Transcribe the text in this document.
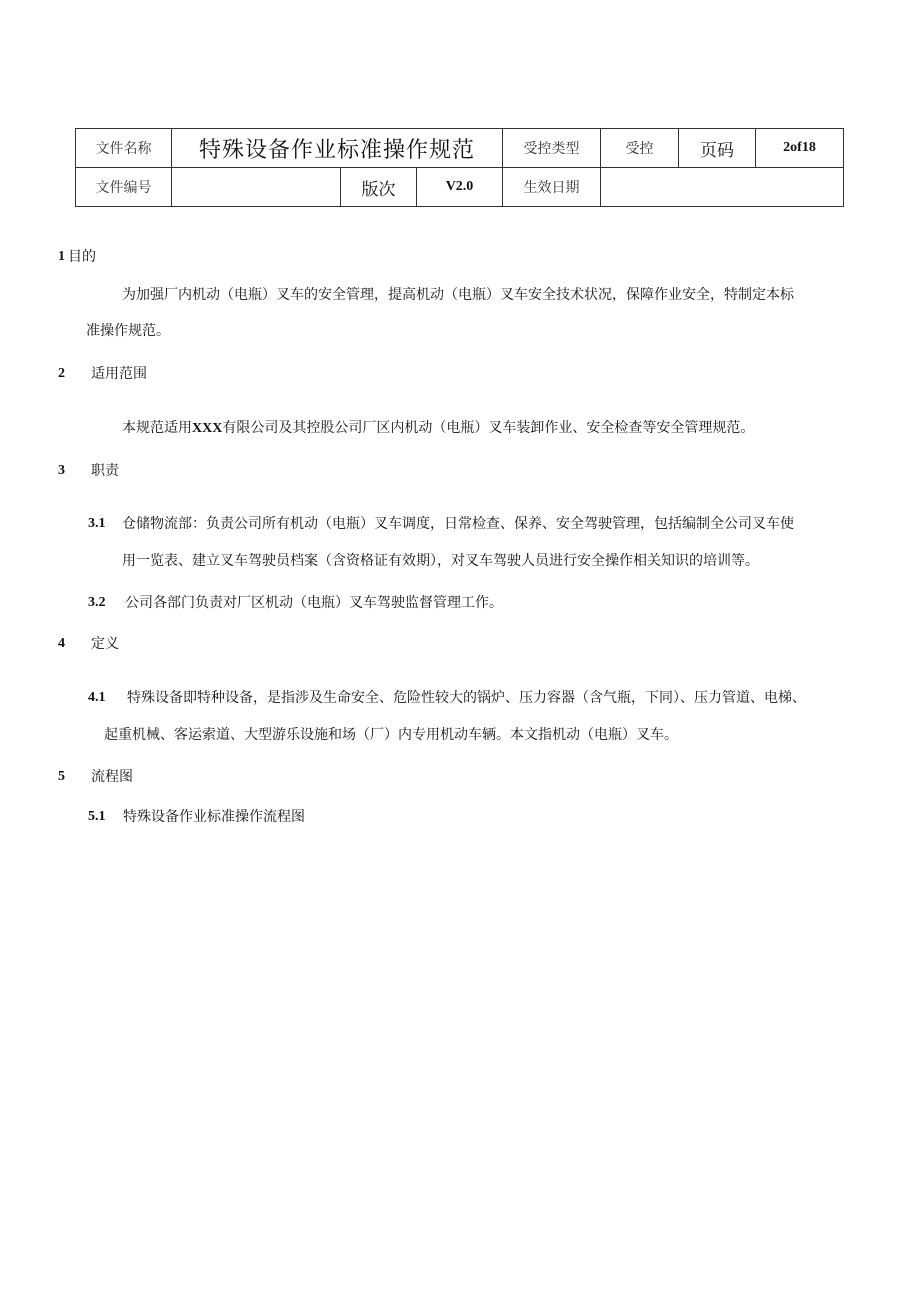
文件名称	特殊设备作业标准操作规范	受控类型	受控	页码	2of18
文件编号		版次	V2.0	生效日期	
1 目的
为加强厂内机动（电瓶）叉车的安全管理，提高机动（电瓶）叉车安全技术状况，保障作业安全，特制定本标
准操作规范。
2 适用范围
本规范适用XXX有限公司及其控股公司厂区内机动（电瓶）叉车装卸作业、安全检查等安全管理规范。
3 职责
3.1 仓储物流部：负责公司所有机动（电瓶）叉车调度，日常检查、保养、安全驾驶管理，包括编制全公司叉车使
用一览表、建立叉车驾驶员档案（含资格证有效期），对叉车驾驶人员进行安全操作相关知识的培训等。
3.2 公司各部门负责对厂区机动（电瓶）叉车驾驶监督管理工作。
4 定义
4.1 特殊设备即特种设备，是指涉及生命安全、危险性较大的锅炉、压力容器（含气瓶，下同）、压力管道、电梯、
起重机械、客运索道、大型游乐设施和场（厂）内专用机动车辆。本文指机动（电瓶）叉车。
5 流程图
5.1 特殊设备作业标准操作流程图
